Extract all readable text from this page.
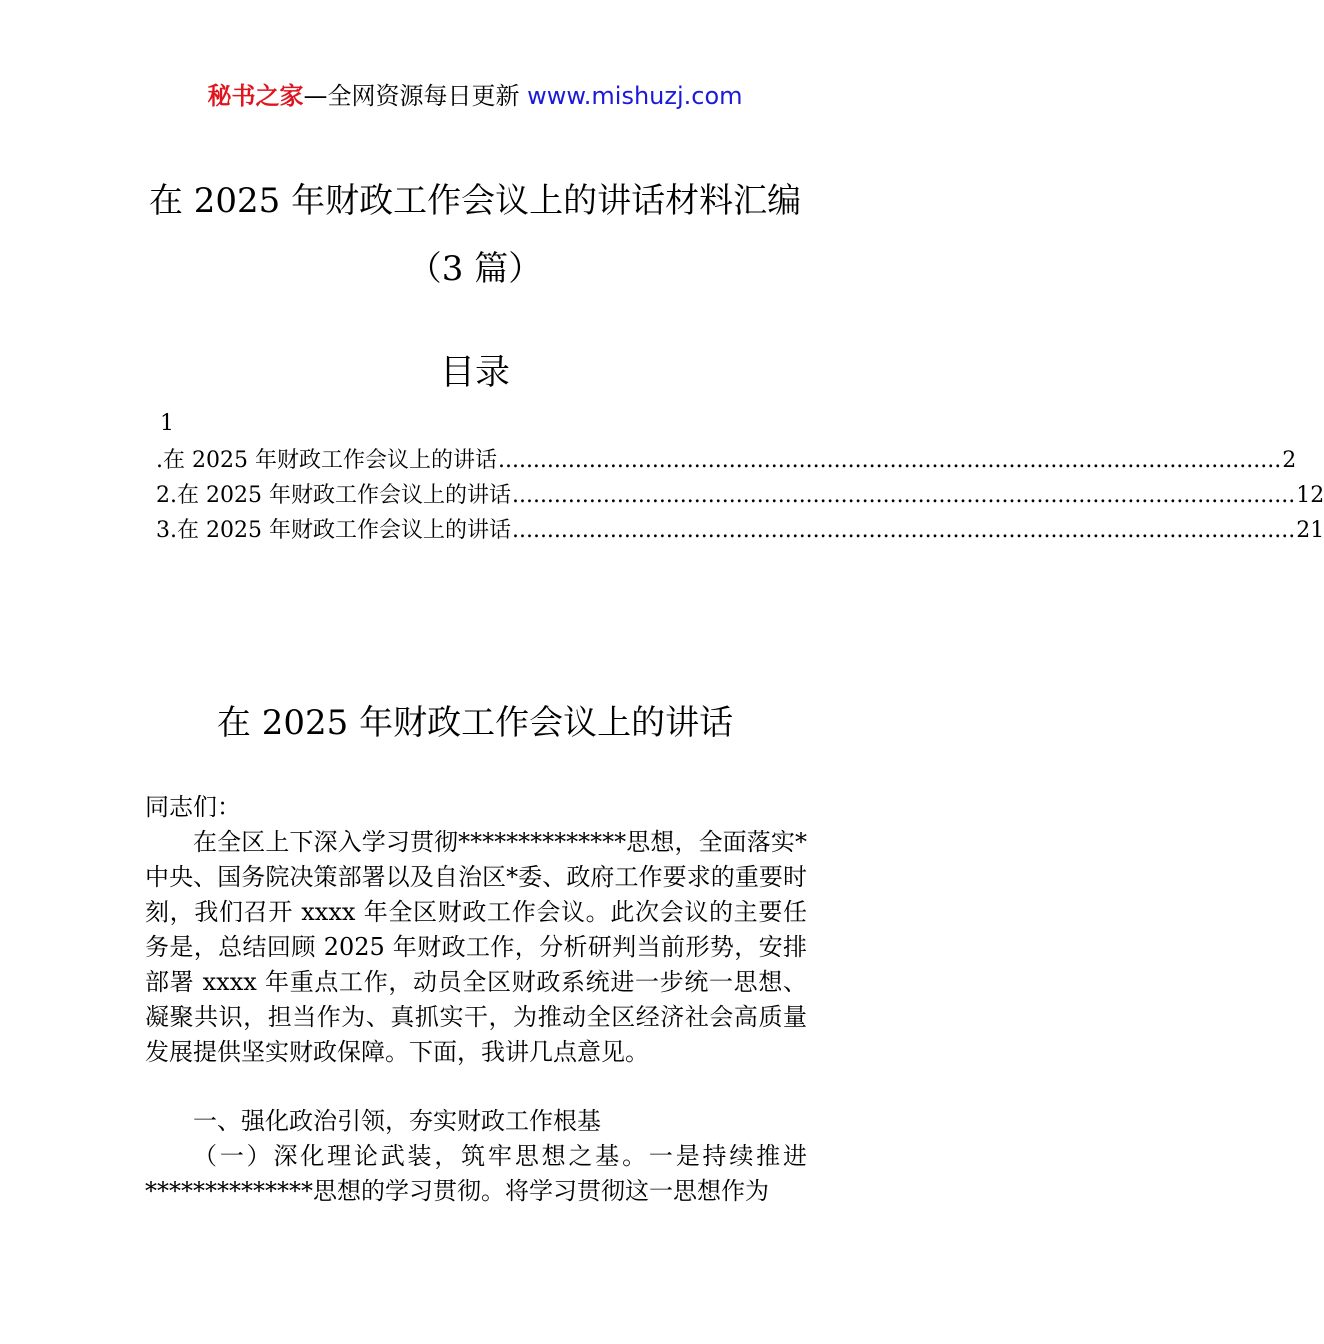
秘书之家—全网资源每日更新 www.mishuzj.com
在 2025 年财政工作会议上的讲话材料汇编
（3 篇）
目录
1
.在 2025 年财政工作会议上的讲话 ................................................................................................................ 2
2.在 2025 年财政工作会议上的讲话 ................................................................................................................ 12
3.在 2025 年财政工作会议上的讲话 ................................................................................................................ 21
在 2025 年财政工作会议上的讲话
同志们：

在全区上下深入学习贯彻**************思想，全面落实*中央、国务院决策部署以及自治区*委、政府工作要求的重要时刻，我们召开 xxxx 年全区财政工作会议。此次会议的主要任务是，总结回顾 2025 年财政工作，分析研判当前形势，安排部署 xxxx 年重点工作，动员全区财政系统进一步统一思想、凝聚共识，担当作为、真抓实干，为推动全区经济社会高质量发展提供坚实财政保障。下面，我讲几点意见。

一、强化政治引领，夯实财政工作根基

（一）深化理论武装，筑牢思想之基。一是持续推进**************思想的学习贯彻。将学习贯彻这一思想作为
